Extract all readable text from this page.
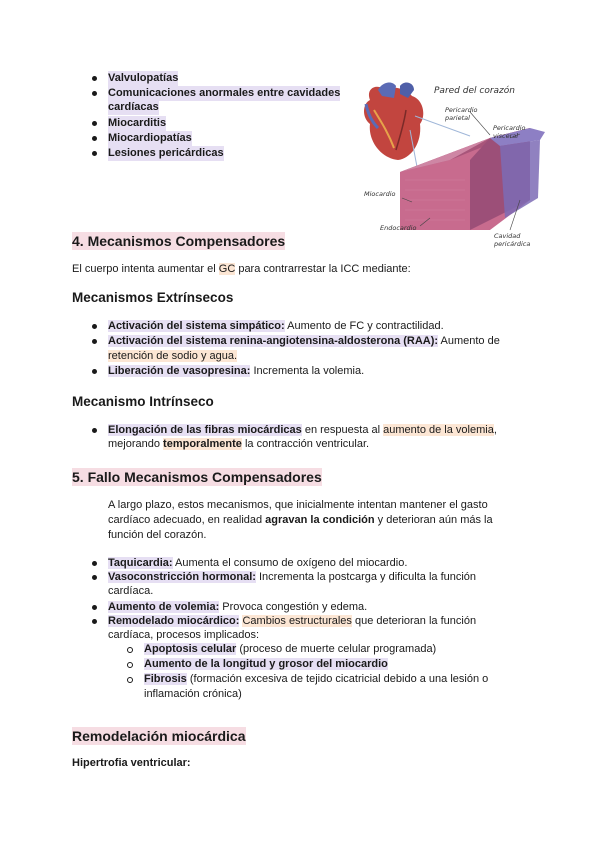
Valvulopatías
Comunicaciones anormales entre cavidades
cardíacas
Miocarditis
Miocardiopatías
Lesiones pericárdicas
Pared del corazón
Pericardio parietal
Pericardio visceral
Miocardio
Endocardio
Cavidad pericárdica
4. Mecanismos Compensadores
El cuerpo intenta aumentar el GC para contrarrestar la ICC mediante:
Mecanismos Extrínsecos
Activación del sistema simpático: Aumento de FC y contractilidad.
Activación del sistema renina-angiotensina-aldosterona (RAA): Aumento de
retención de sodio y agua.
Liberación de vasopresina: Incrementa la volemia.
Mecanismo Intrínseco
Elongación de las fibras miocárdicas en respuesta al aumento de la volemia,
mejorando temporalmente la contracción ventricular.
5. Fallo Mecanismos Compensadores
A largo plazo, estos mecanismos, que inicialmente intentan mantener el gasto
cardíaco adecuado, en realidad agravan la condición y deterioran aún más la
función del corazón.
Taquicardia: Aumenta el consumo de oxígeno del miocardio.
Vasoconstricción hormonal: Incrementa la postcarga y dificulta la función
cardíaca.
Aumento de volemia: Provoca congestión y edema.
Remodelado miocárdico: Cambios estructurales que deterioran la función
cardíaca, procesos implicados:
Apoptosis celular (proceso de muerte celular programada)
Aumento de la longitud y grosor del miocardio
Fibrosis (formación excesiva de tejido cicatricial debido a una lesión o
inflamación crónica)
Remodelación miocárdica
Hipertrofia ventricular:
